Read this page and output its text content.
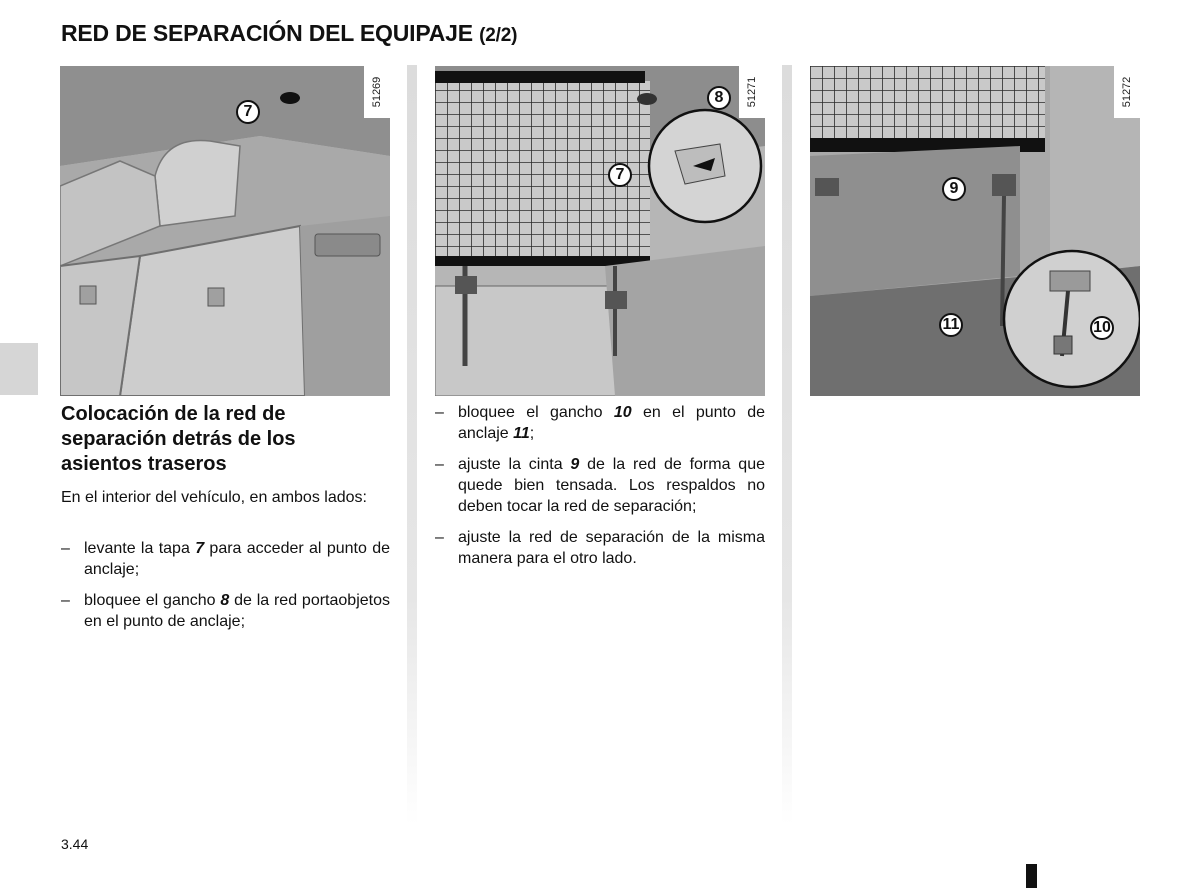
RED DE SEPARACIÓN DEL EQUIPAJE (2/2)
51269
7
51271
8
7
51272
9
11	10
Colocación de la red de separación detrás de los asientos traseros

En el interior del vehículo, en ambos lados:

– levante la tapa 7 para acceder al punto de anclaje;
– bloquee el gancho 8 de la red portaobjetos en el punto de anclaje;
– bloquee el gancho 10 en el punto de anclaje 11;
– ajuste la cinta 9 de la red de forma que quede bien tensada. Los respaldos no deben tocar la red de separación;
– ajuste la red de separación de la misma manera para el otro lado.

3.44
